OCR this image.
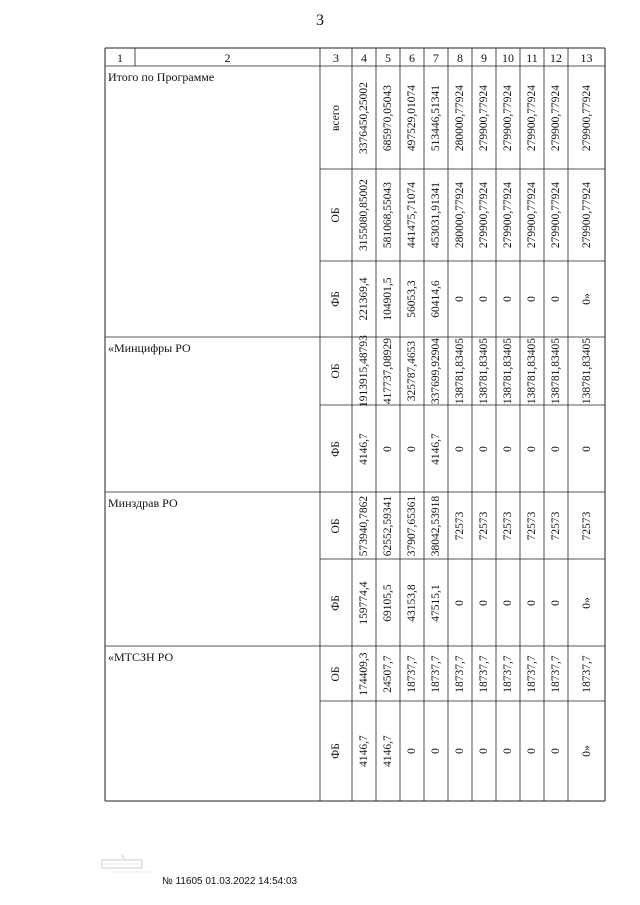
3
1	2	3	4	5	6	7	8	9	10	11	12	13
Итого по Программе
всего 3376450,25002 685970,05043 497529,01074 513446,51341 280000,77924 279900,77924 279900,77924 279900,77924 279900,77924 279900,77924
ОБ 3155080,85002 581068,55043 441475,71074 453031,91341 280000,77924 279900,77924 279900,77924 279900,77924 279900,77924 279900,77924
ФБ 221369,4 104901,5 56053,3 60414,6 0 0 0 0 0 0»
«Минцифры РО
ОБ 1913915,48793 417737,08929 325787,4653 337699,92904 138781,83405 138781,83405 138781,83405 138781,83405 138781,83405 138781,83405
ФБ 4146,7 0 0 4146,7 0 0 0 0 0 0
Минздрав РО
ОБ 573940,7862 62552,59341 37907,65361 38042,53918 72573 72573 72573 72573 72573 72573
ФБ 159774,4 69105,5 43153,8 47515,1 0 0 0 0 0 0»
«МТСЗН РО
ОБ 174409,3 24507,7 18737,7 18737,7 18737,7 18737,7 18737,7 18737,7 18737,7 18737,7
ФБ 4146,7 4146,7 0 0 0 0 0 0 0 0»
№ 11605 01.03.2022 14:54:03
